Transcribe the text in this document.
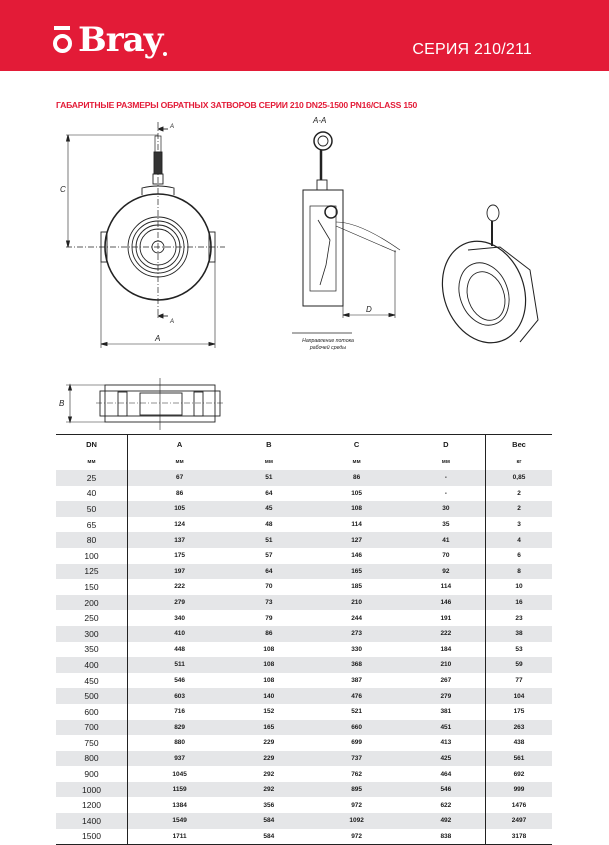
Bray	СЕРИЯ 210/211
ГАБАРИТНЫЕ РАЗМЕРЫ ОБРАТНЫХ ЗАТВОРОВ СЕРИИ 210 DN25-1500 PN16/CLASS 150
A
A
C
A
A-A
D
B
Направление потока
рабочей среды
DN	A	B	C	D	Вес
мм	мм	мм	мм	мм	кг
25	67	51	86	-	0,85
40	86	64	105	-	2
50	105	45	108	30	2
65	124	48	114	35	3
80	137	51	127	41	4
100	175	57	146	70	6
125	197	64	165	92	8
150	222	70	185	114	10
200	279	73	210	146	16
250	340	79	244	191	23
300	410	86	273	222	38
350	448	108	330	184	53
400	511	108	368	210	59
450	546	108	387	267	77
500	603	140	476	279	104
600	716	152	521	381	175
700	829	165	660	451	263
750	880	229	699	413	438
800	937	229	737	425	561
900	1045	292	762	464	692
1000	1159	292	895	546	999
1200	1384	356	972	622	1476
1400	1549	584	1092	492	2497
1500	1711	584	972	838	3178
